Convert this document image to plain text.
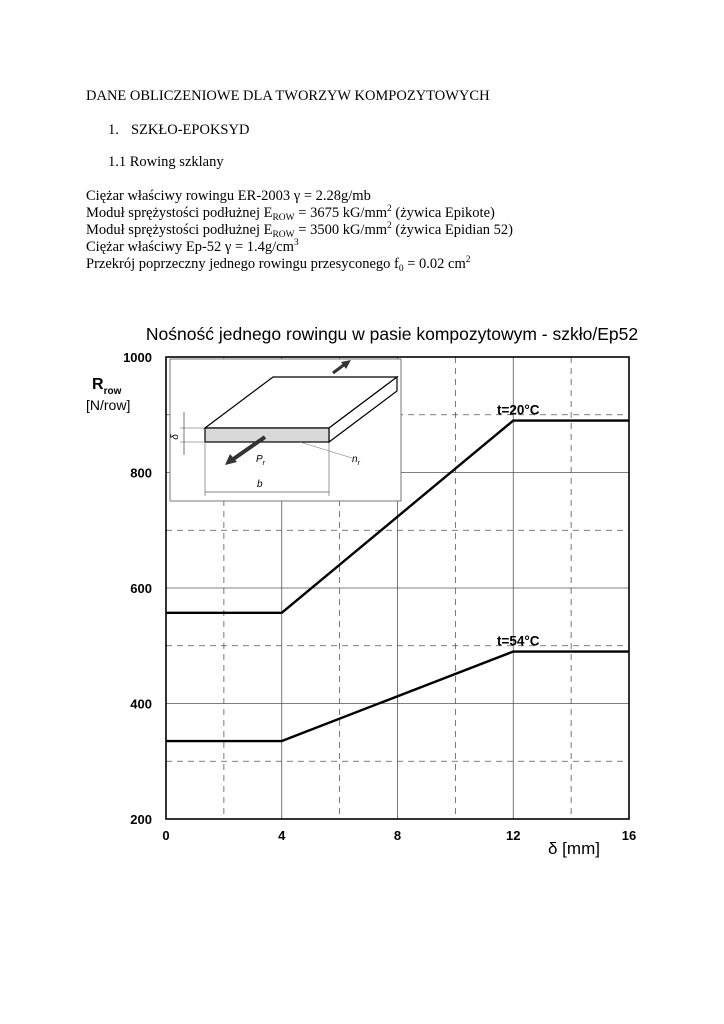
DANE OBLICZENIOWE DLA TWORZYW KOMPOZYTOWYCH
1. SZKŁO-EPOKSYD
1.1 Rowing szklany
Ciężar właściwy rowingu ER-2003 γ = 2.28g/mb
Moduł sprężystości podłużnej $E_{ROW} = 3675$ $kG/mm^2$ (żywica Epikote)
Moduł sprężystości podłużnej $E_{ROW} = 3500$ $kG/mm^2$ (żywica Epidian 52)
Ciężar właściwy Ep-52 $\gamma = 1.4g/cm^3$
Przekrój poprzeczny jednego rowingu przesyconego $f_0 = 0.02$ $cm^2$
Nośność jednego rowingu w pasie kompozytowym - szkło/Ep52
0	4	8	12	16
200
400
600
800
1000
t=20°C
t=54°C
$R_{row}$
[N/row]
δ [mm]
δ
b
$P_r$	$n_r$
